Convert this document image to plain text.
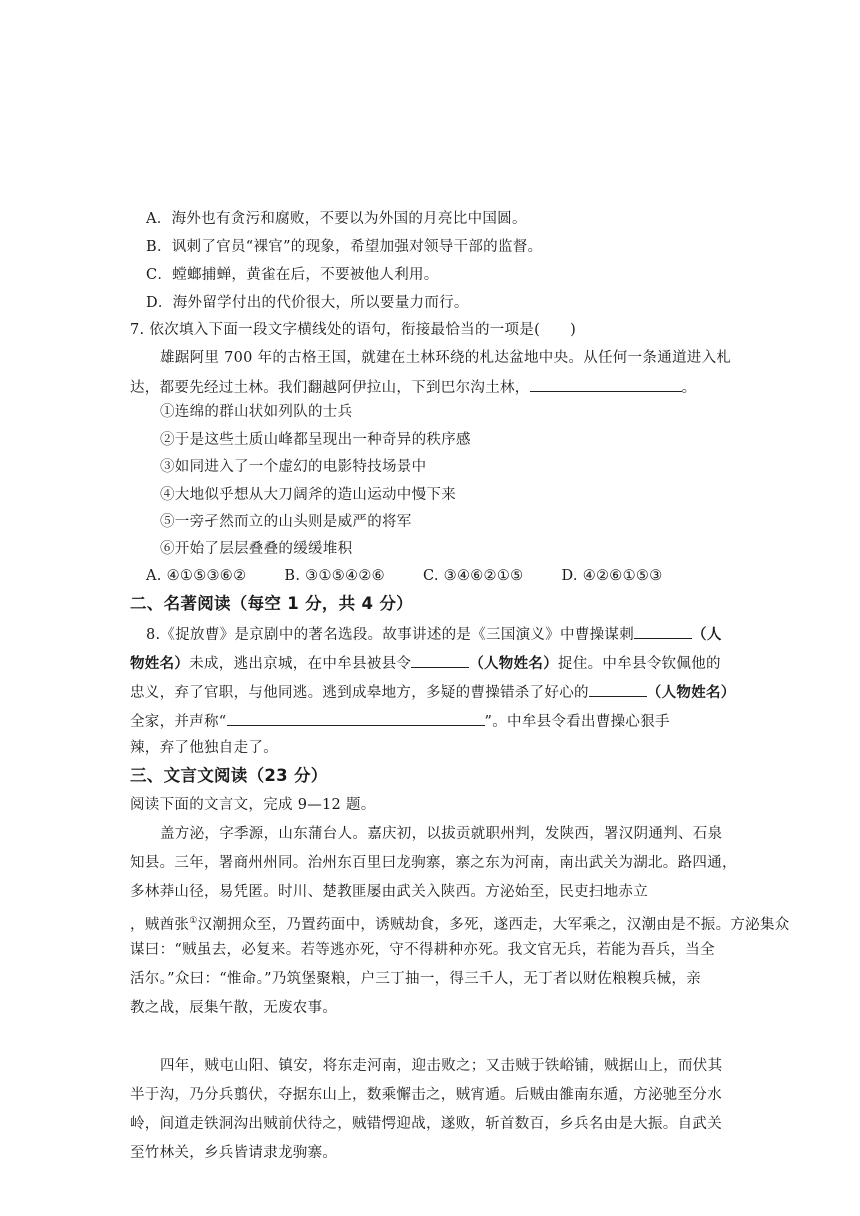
A．海外也有贪污和腐败，不要以为外国的月亮比中国圆。
B．讽刺了官员“裸官”的现象，希望加强对领导干部的监督。
C．螳螂捕蝉，黄雀在后，不要被他人利用。
D．海外留学付出的代价很大，所以要量力而行。
7. 依次填入下面一段文字横线处的语句，衔接最恰当的一项是( )
雄踞阿里 700 年的古格王国，就建在土林环绕的札达盆地中央。从任何一条通道进入札
达，都要先经过土林。我们翻越阿伊拉山，下到巴尔沟土林，	。
①连绵的群山状如列队的士兵
②于是这些土质山峰都呈现出一种奇异的秩序感
③如同进入了一个虚幻的电影特技场景中
④大地似乎想从大刀阔斧的造山运动中慢下来
⑤一旁孑然而立的山头则是威严的将军
⑥开始了层层叠叠的缓缓堆积
A. ④①⑤③⑥②	B. ③①⑤④②⑥	C. ③④⑥②①⑤	D. ④②⑥①⑤③
二、名著阅读（每空 1 分，共 4 分）
8.《捉放曹》是京剧中的著名选段。故事讲述的是《三国演义》中曹操谋刺	（人
物姓名）未成，逃出京城，在中牟县被县令	（人物姓名）捉住。中牟县令钦佩他的
忠义，弃了官职，与他同逃。逃到成皋地方，多疑的曹操错杀了好心的	（人物姓名）
全家，并声称“	”。中牟县令看出曹操心狠手
辣，弃了他独自走了。
三、文言文阅读（23 分）
阅读下面的文言文，完成 9—12 题。
盖方泌，字季源，山东蒲台人。嘉庆初，以拔贡就职州判，发陕西，署汉阴通判、石泉
知县。三年，署商州州同。治州东百里曰龙驹寨，寨之东为河南，南出武关为湖北。路四通，
多林莽山径，易凭匿。时川、楚教匪屡由武关入陕西。方泌始至，民吏扫地赤立
，贼酋张①汉潮拥众至，乃置药面中，诱贼劫食，多死，遂西走，大军乘之，汉潮由是不振。方泌集众
谋曰：“贼虽去，必复来。若等逃亦死，守不得耕种亦死。我文官无兵，若能为吾兵，当全
活尔。”众曰：“惟命。”乃筑堡聚粮，户三丁抽一，得三千人，无丁者以财佐粮糗兵械，亲
教之战，辰集午散，无废农事。
四年，贼屯山阳、镇安，将东走河南，迎击败之；又击贼于铁峪铺，贼据山上，而伏其
半于沟，乃分兵翦伏，夺据东山上，数乘懈击之，贼宵遁。后贼由雒南东遁，方泌驰至分水
岭，间道走铁洞沟出贼前伏待之，贼错愕迎战，遂败，斩首数百，乡兵名由是大振。自武关
至竹林关，乡兵皆请隶龙驹寨。
